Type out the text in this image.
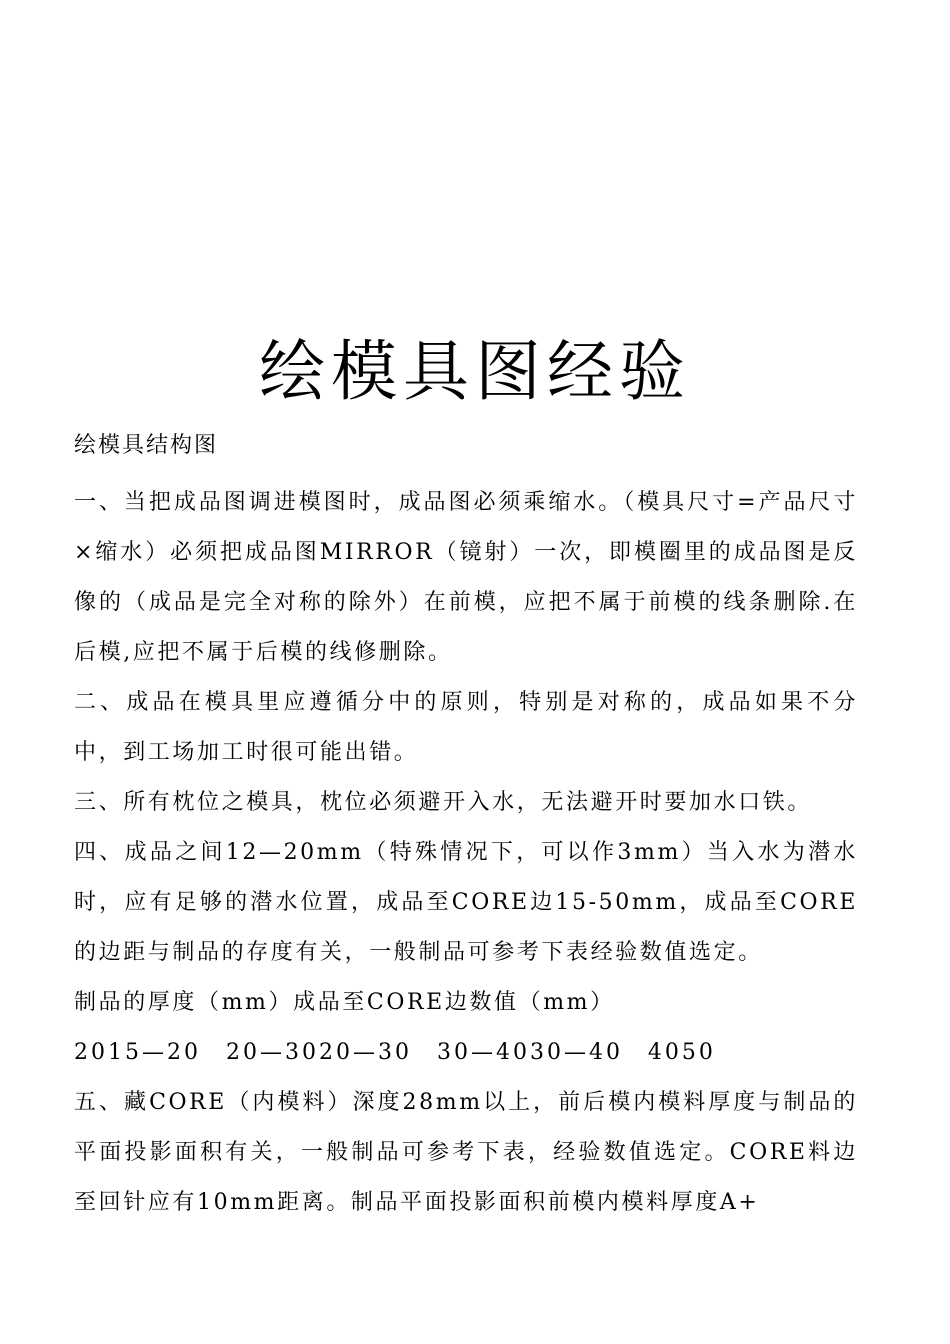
绘模具图经验
绘模具结构图

一、当把成品图调进模图时，成品图必须乘缩水。（模具尺寸=产品尺寸×缩水）必须把成品图MIRROR（镜射）一次，即模圈里的成品图是反像的（成品是完全对称的除外）在前模，应把不属于前模的线条删除.在后模,应把不属于后模的线修删除。

二、成品在模具里应遵循分中的原则，特别是对称的，成品如果不分中，到工场加工时很可能出错。

三、所有枕位之模具，枕位必须避开入水，无法避开时要加水口铁。

四、成品之间12—20mm（特殊情况下，可以作3mm）当入水为潜水时，应有足够的潜水位置，成品至CORE边15-50mm，成品至CORE的边距与制品的存度有关，一般制品可参考下表经验数值选定。

制品的厚度（mm）成品至CORE边数值（mm）

2015—20　20—3020—30　30—4030—40　4050

五、藏CORE（内模料）深度28mm以上，前后模内模料厚度与制品的平面投影面积有关，一般制品可参考下表，经验数值选定。CORE料边至回针应有10mm距离。制品平面投影面积前模内模料厚度A+
